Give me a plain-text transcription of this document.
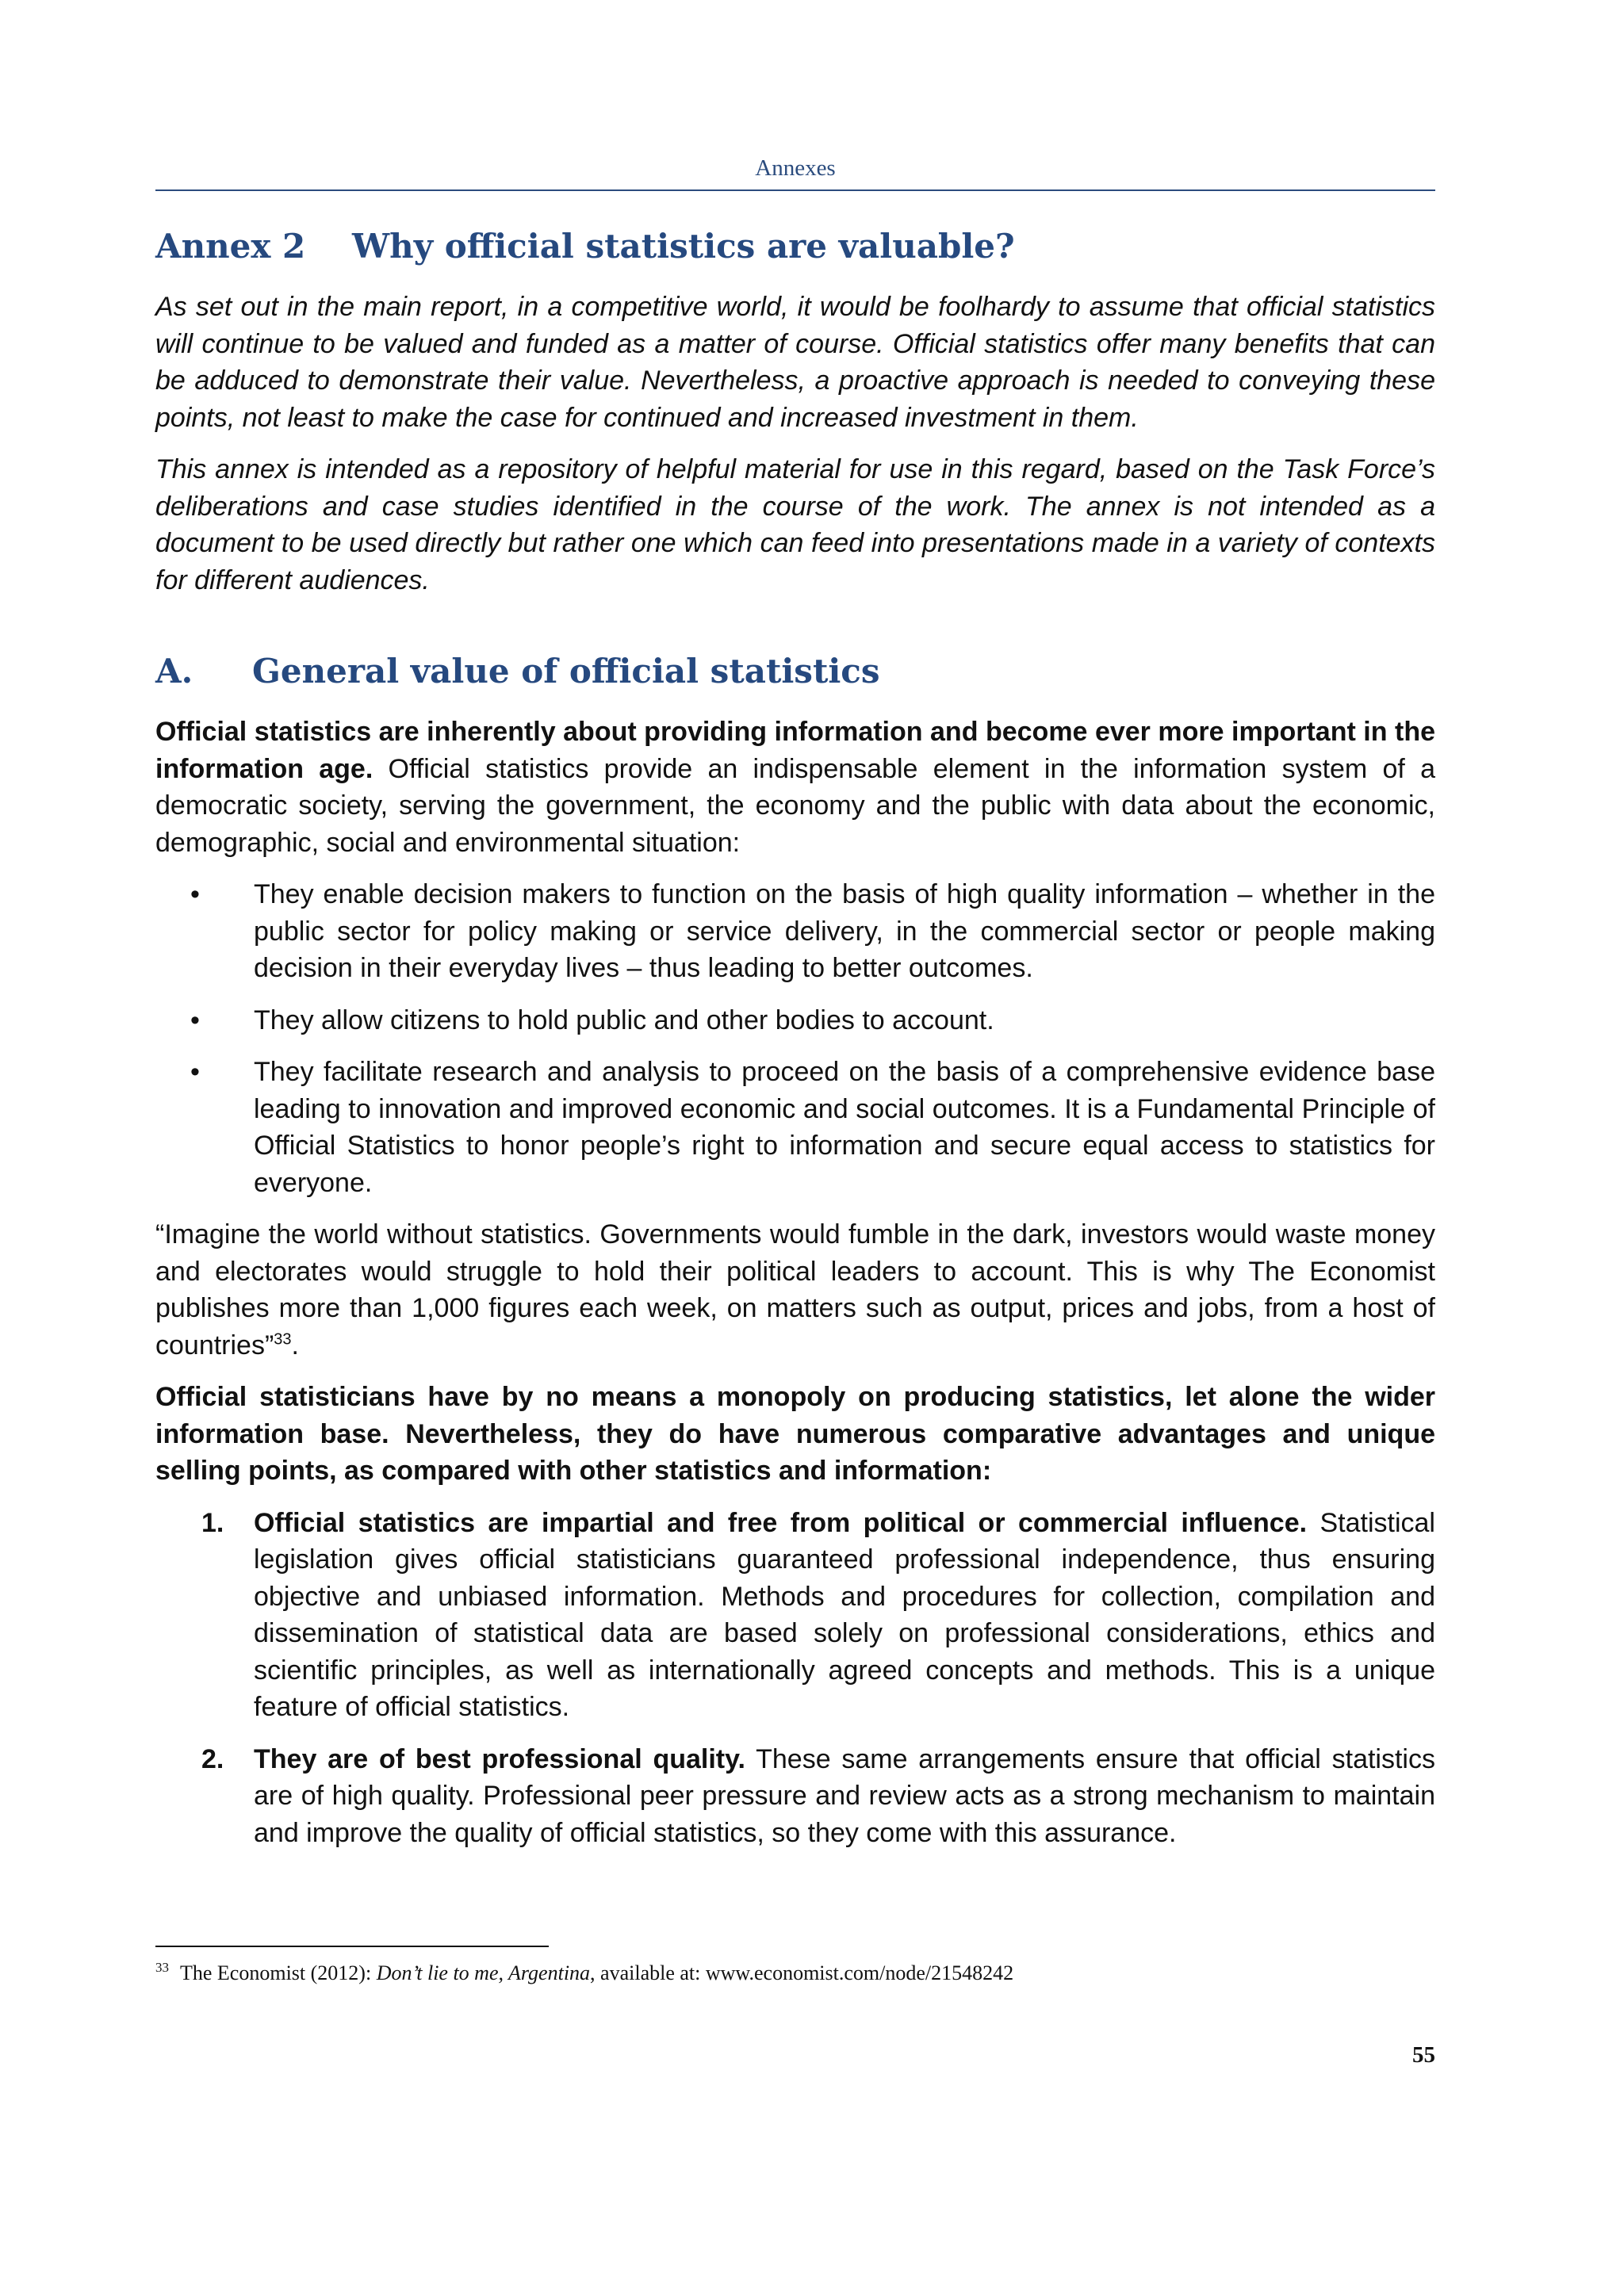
Annexes
Annex 2 Why official statistics are valuable?

As set out in the main report, in a competitive world, it would be foolhardy to assume that official statistics will continue to be valued and funded as a matter of course. Official statistics offer many benefits that can be adduced to demonstrate their value. Nevertheless, a proactive approach is needed to conveying these points, not least to make the case for continued and increased investment in them.

This annex is intended as a repository of helpful material for use in this regard, based on the Task Force’s deliberations and case studies identified in the course of the work. The annex is not intended as a document to be used directly but rather one which can feed into presentations made in a variety of contexts for different audiences.

A. General value of official statistics

Official statistics are inherently about providing information and become ever more important in the information age. Official statistics provide an indispensable element in the information system of a democratic society, serving the government, the economy and the public with data about the economic, demographic, social and environmental situation:

• They enable decision makers to function on the basis of high quality information – whether in the public sector for policy making or service delivery, in the commercial sector or people making decision in their everyday lives – thus leading to better outcomes.
• They allow citizens to hold public and other bodies to account.
• They facilitate research and analysis to proceed on the basis of a comprehensive evidence base leading to innovation and improved economic and social outcomes. It is a Fundamental Principle of Official Statistics to honor people’s right to information and secure equal access to statistics for everyone.

“Imagine the world without statistics. Governments would fumble in the dark, investors would waste money and electorates would struggle to hold their political leaders to account. This is why The Economist publishes more than 1,000 figures each week, on matters such as output, prices and jobs, from a host of countries”$^{33}$.

Official statisticians have by no means a monopoly on producing statistics, let alone the wider information base. Nevertheless, they do have numerous comparative advantages and unique selling points, as compared with other statistics and information:

1. Official statistics are impartial and free from political or commercial influence. Statistical legislation gives official statisticians guaranteed professional independence, thus ensuring objective and unbiased information. Methods and procedures for collection, compilation and dissemination of statistical data are based solely on professional considerations, ethics and scientific principles, as well as internationally agreed concepts and methods. This is a unique feature of official statistics.
2. They are of best professional quality. These same arrangements ensure that official statistics are of high quality. Professional peer pressure and review acts as a strong mechanism to maintain and improve the quality of official statistics, so they come with this assurance.
$^{33}$ The Economist (2012): Don’t lie to me, Argentina, available at: www.economist.com/node/21548242
55
